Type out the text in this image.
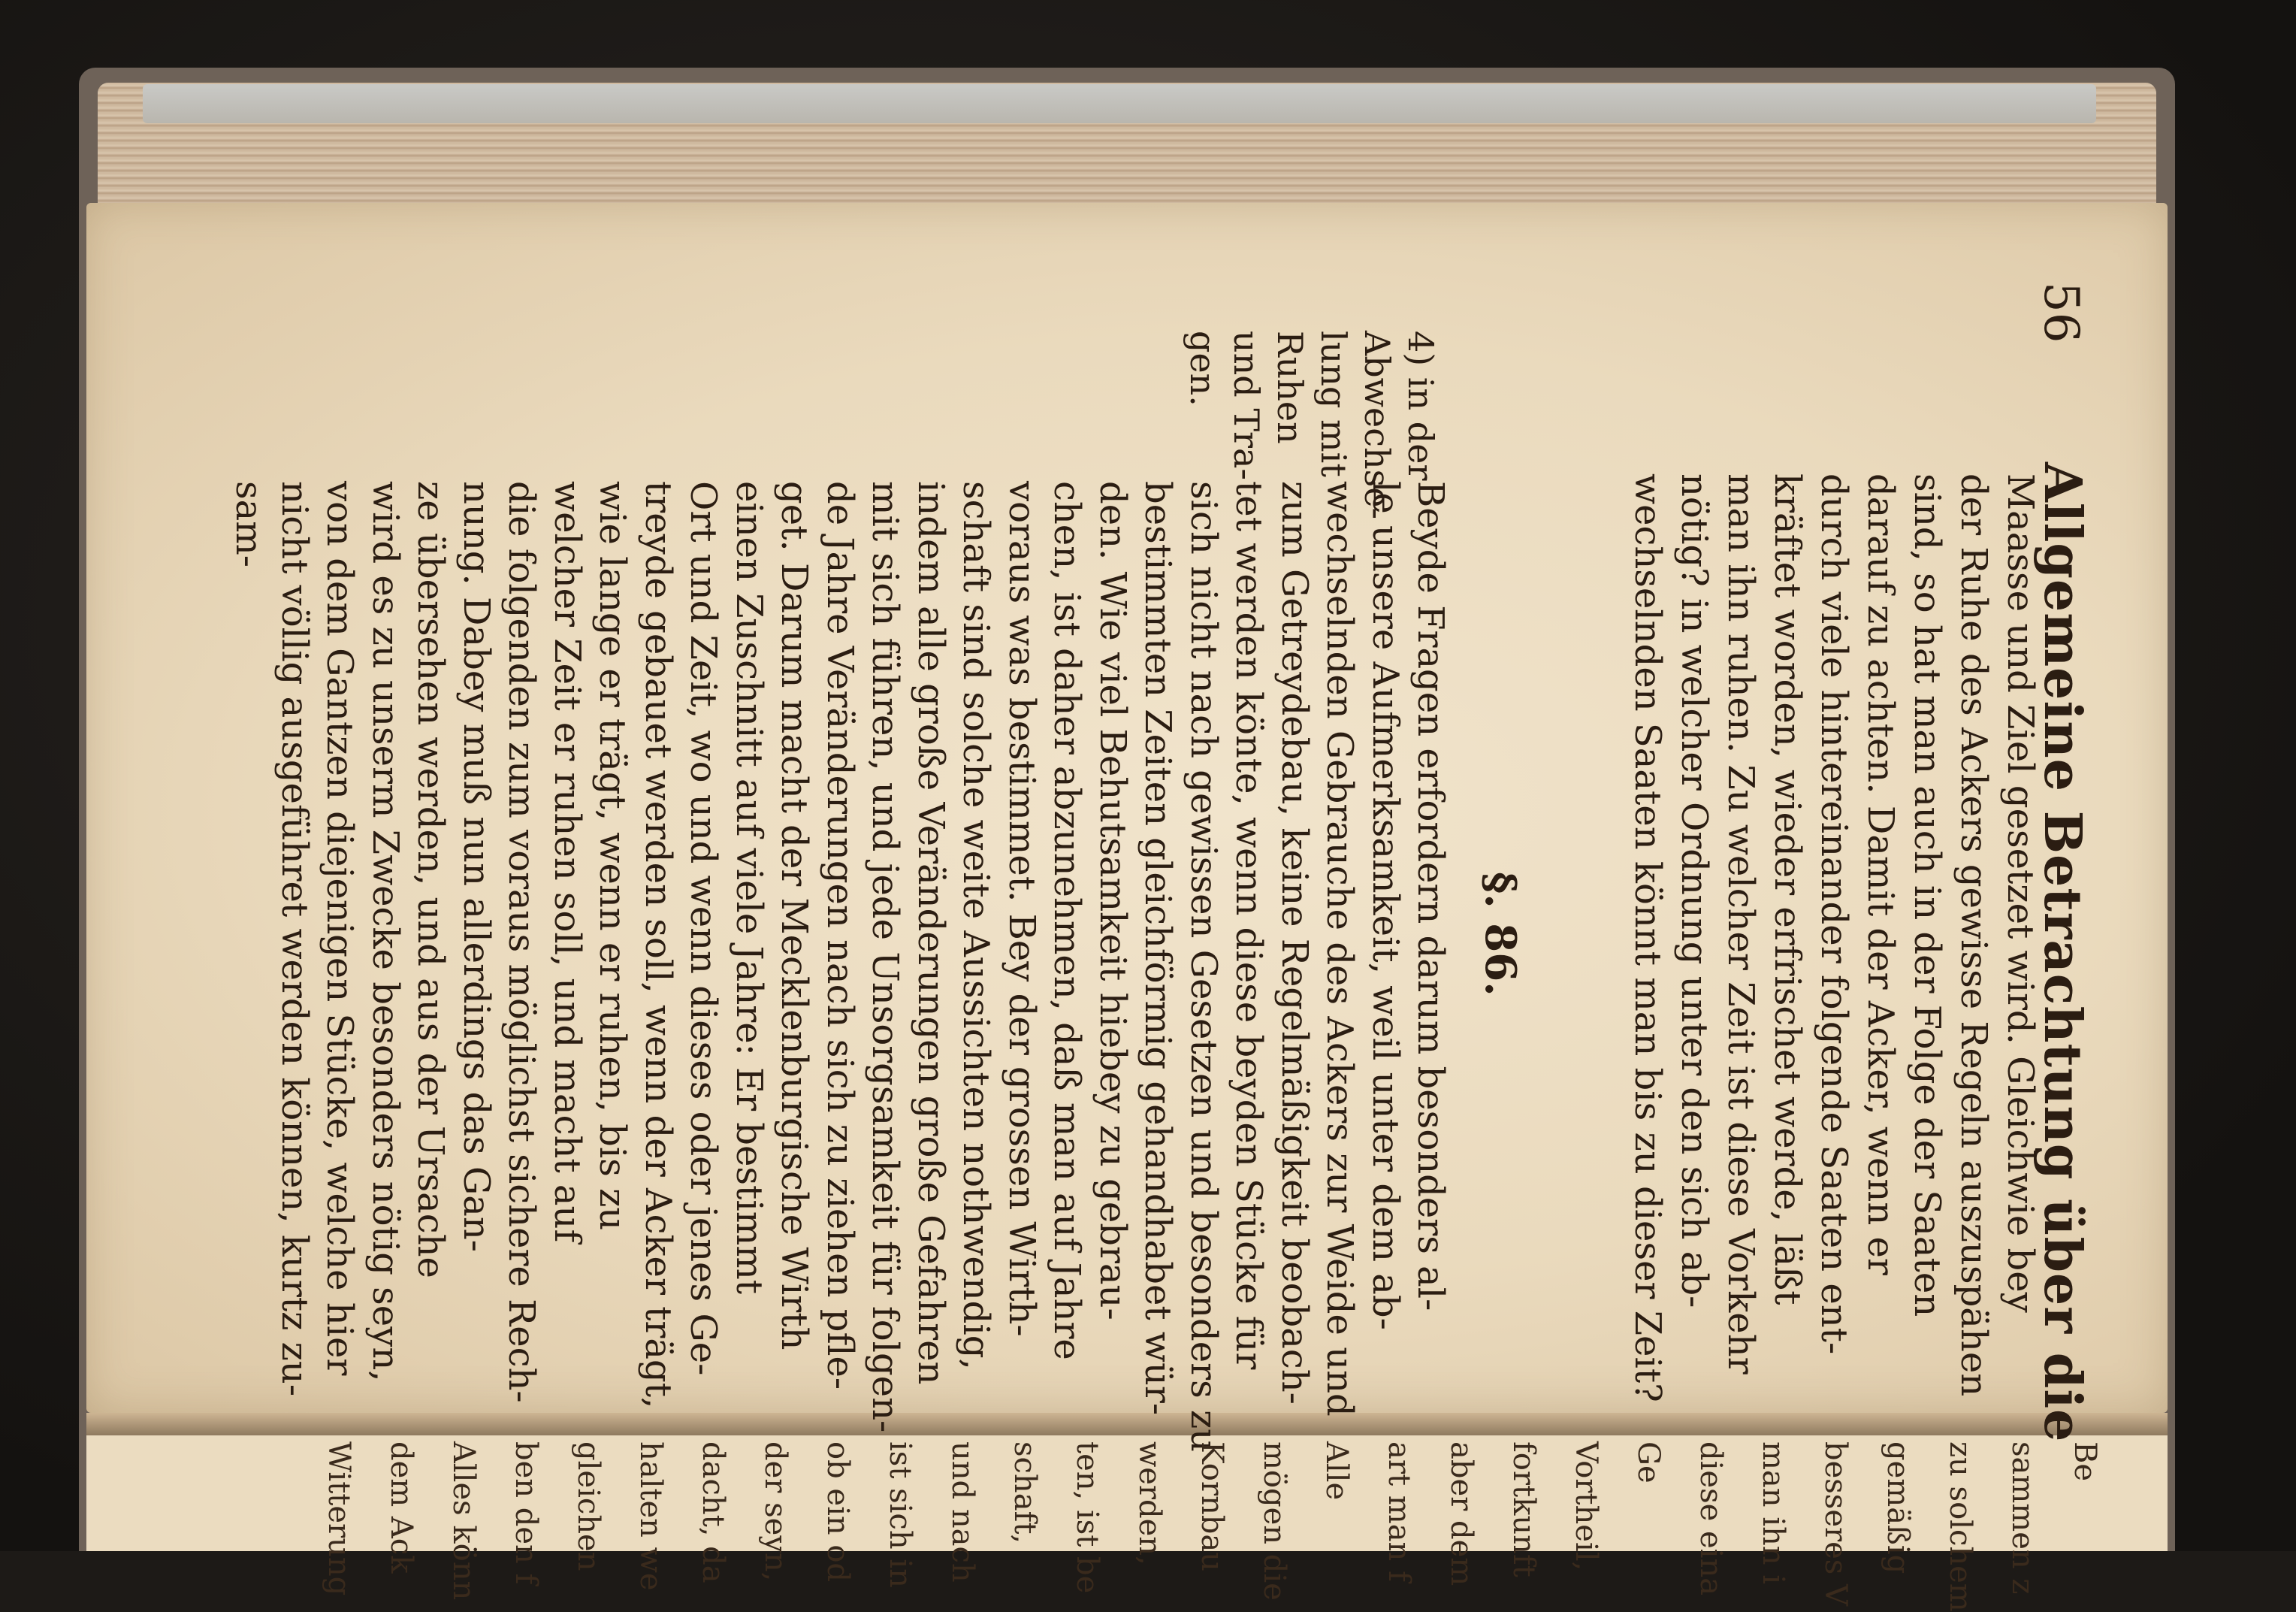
56
Allgemeine Betrachtung über die
Maasse und Ziel gesetzet wird. Gleichwie bey
der Ruhe des Ackers gewisse Regeln auszuspähen
sind, so hat man auch in der Folge der Saaten
darauf zu achten. Damit der Acker, wenn er
durch viele hintereinander folgende Saaten ent-
kräftet worden, wieder erfrischet werde, läßt
man ihn ruhen. Zu welcher Zeit ist diese Vorkehr
nötig? in welcher Ordnung unter den sich ab-
wechselnden Saaten könnt man bis zu dieser Zeit?
§. 86.
4) in der
Abwechse-
lung mit
Ruhen
und Tra-
gen.
Beyde Fragen erfordern darum besonders al-
le unsere Aufmerksamkeit, weil unter dem ab-
wechselnden Gebrauche des Ackers zur Weide und
zum Getreydebau, keine Regelmäßigkeit beobach-
tet werden könte, wenn diese beyden Stücke für
sich nicht nach gewissen Gesetzen und besonders zu
bestimmten Zeiten gleichförmig gehandhabet wür-
den. Wie viel Behutsamkeit hiebey zu gebrau-
chen, ist daher abzunehmen, daß man auf Jahre
voraus was bestimmet. Bey der grossen Wirth-
schaft sind solche weite Aussichten nothwendig,
indem alle große Veränderungen große Gefahren
mit sich führen, und jede Unsorgsamkeit für folgen-
de Jahre Veränderungen nach sich zu ziehen pfle-
get. Darum macht der Mecklenburgische Wirth
einen Zuschnitt auf viele Jahre: Er bestimmt
Ort und Zeit, wo und wenn dieses oder jenes Ge-
treyde gebauet werden soll, wenn der Acker trägt,
wie lange er trägt, wenn er ruhen, bis zu
welcher Zeit er ruhen soll, und macht auf
die folgenden zum voraus möglichst sichere Rech-
nung. Dabey muß nun allerdings das Gan-
ze übersehen werden, und aus der Ursache
wird es zu unserm Zwecke besonders nötig seyn,
von dem Gantzen diejenigen Stücke, welche hier
nicht völlig ausgeführet werden können, kurtz zu-
sam-
Be
sammen z
zu solchem
gemäßig
besseres V
man ihn i
diese eina
Ge
Vortheil,
fortkunft
aber dem
art man f
Alle
mögen die
Kornbau
werden,
ten, ist be
schaft,
und nach
ist sich in
ob ein od
der seyn,
dacht, da
halten we
gleichen
ben den f
Alles könn
dem Ack
Witterung
